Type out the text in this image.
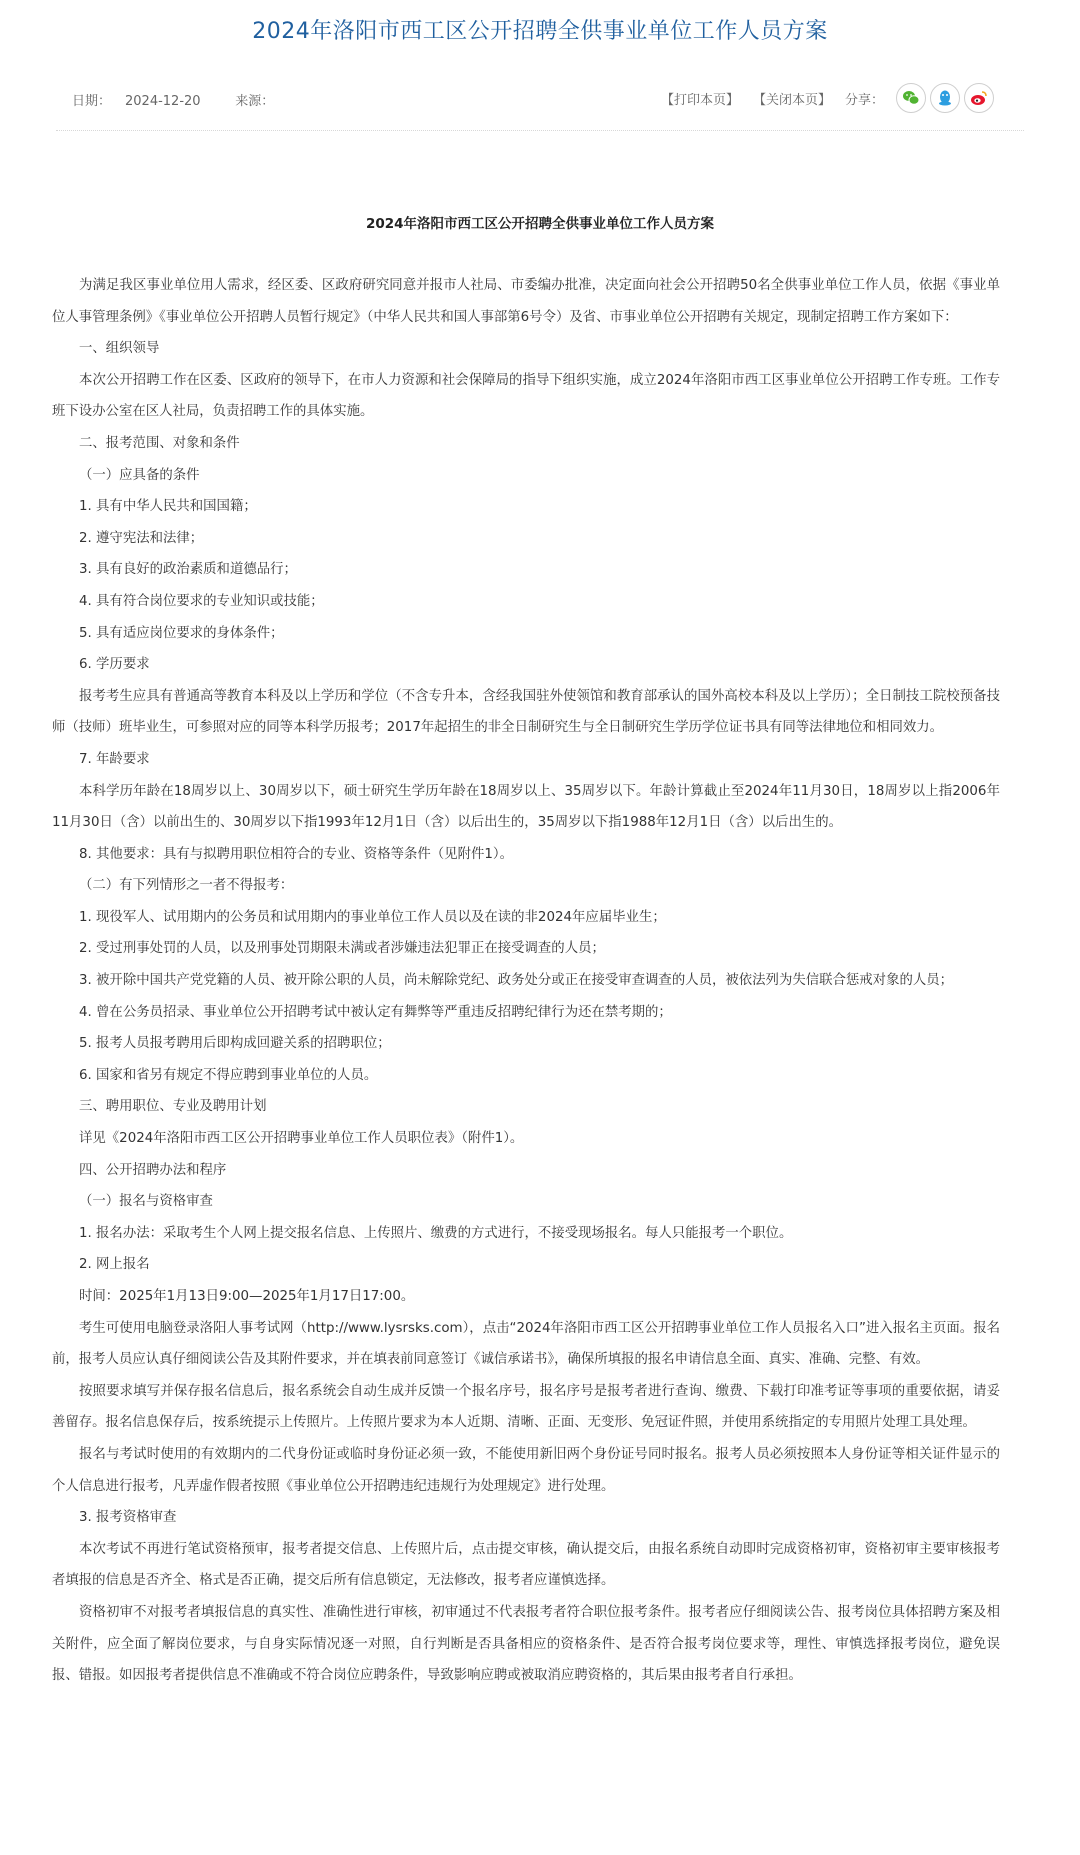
2024年洛阳市西工区公开招聘全供事业单位工作人员方案
日期： 2024-12-20	来源：	【打印本页】 【关闭本页】 分享：
2024年洛阳市西工区公开招聘全供事业单位工作人员方案

为满足我区事业单位用人需求，经区委、区政府研究同意并报市人社局、市委编办批准，决定面向社会公开招聘50名全供事业单位工作人员，依据《事业单位人事管理条例》《事业单位公开招聘人员暂行规定》（中华人民共和国人事部第6号令）及省、市事业单位公开招聘有关规定，现制定招聘工作方案如下：

一、组织领导

本次公开招聘工作在区委、区政府的领导下，在市人力资源和社会保障局的指导下组织实施，成立2024年洛阳市西工区事业单位公开招聘工作专班。工作专班下设办公室在区人社局，负责招聘工作的具体实施。

二、报考范围、对象和条件

（一）应具备的条件

1. 具有中华人民共和国国籍；

2. 遵守宪法和法律；

3. 具有良好的政治素质和道德品行；

4. 具有符合岗位要求的专业知识或技能；

5. 具有适应岗位要求的身体条件；

6. 学历要求

报考考生应具有普通高等教育本科及以上学历和学位（不含专升本，含经我国驻外使领馆和教育部承认的国外高校本科及以上学历）；全日制技工院校预备技师（技师）班毕业生，可参照对应的同等本科学历报考；2017年起招生的非全日制研究生与全日制研究生学历学位证书具有同等法律地位和相同效力。

7. 年龄要求

本科学历年龄在18周岁以上、30周岁以下，硕士研究生学历年龄在18周岁以上、35周岁以下。年龄计算截止至2024年11月30日，18周岁以上指2006年11月30日（含）以前出生的、30周岁以下指1993年12月1日（含）以后出生的，35周岁以下指1988年12月1日（含）以后出生的。

8. 其他要求：具有与拟聘用职位相符合的专业、资格等条件（见附件1）。

（二）有下列情形之一者不得报考：

1. 现役军人、试用期内的公务员和试用期内的事业单位工作人员以及在读的非2024年应届毕业生；

2. 受过刑事处罚的人员，以及刑事处罚期限未满或者涉嫌违法犯罪正在接受调查的人员；

3. 被开除中国共产党党籍的人员、被开除公职的人员，尚未解除党纪、政务处分或正在接受审查调查的人员，被依法列为失信联合惩戒对象的人员；

4. 曾在公务员招录、事业单位公开招聘考试中被认定有舞弊等严重违反招聘纪律行为还在禁考期的；

5. 报考人员报考聘用后即构成回避关系的招聘职位；

6. 国家和省另有规定不得应聘到事业单位的人员。

三、聘用职位、专业及聘用计划

详见《2024年洛阳市西工区公开招聘事业单位工作人员职位表》（附件1）。

四、公开招聘办法和程序

（一）报名与资格审查

1. 报名办法：采取考生个人网上提交报名信息、上传照片、缴费的方式进行，不接受现场报名。每人只能报考一个职位。

2. 网上报名

时间：2025年1月13日9:00—2025年1月17日17:00。

考生可使用电脑登录洛阳人事考试网（http://www.lysrsks.com），点击“2024年洛阳市西工区公开招聘事业单位工作人员报名入口”进入报名主页面。报名前，报考人员应认真仔细阅读公告及其附件要求，并在填表前同意签订《诚信承诺书》，确保所填报的报名申请信息全面、真实、准确、完整、有效。

按照要求填写并保存报名信息后，报名系统会自动生成并反馈一个报名序号，报名序号是报考者进行查询、缴费、下载打印准考证等事项的重要依据，请妥善留存。报名信息保存后，按系统提示上传照片。上传照片要求为本人近期、清晰、正面、无变形、免冠证件照，并使用系统指定的专用照片处理工具处理。

报名与考试时使用的有效期内的二代身份证或临时身份证必须一致，不能使用新旧两个身份证号同时报名。报考人员必须按照本人身份证等相关证件显示的个人信息进行报考，凡弄虚作假者按照《事业单位公开招聘违纪违规行为处理规定》进行处理。

3. 报考资格审查

本次考试不再进行笔试资格预审，报考者提交信息、上传照片后，点击提交审核，确认提交后，由报名系统自动即时完成资格初审，资格初审主要审核报考者填报的信息是否齐全、格式是否正确，提交后所有信息锁定，无法修改，报考者应谨慎选择。

资格初审不对报考者填报信息的真实性、准确性进行审核，初审通过不代表报考者符合职位报考条件。报考者应仔细阅读公告、报考岗位具体招聘方案及相关附件，应全面了解岗位要求，与自身实际情况逐一对照，自行判断是否具备相应的资格条件、是否符合报考岗位要求等，理性、审慎选择报考岗位，避免误报、错报。如因报考者提供信息不准确或不符合岗位应聘条件，导致影响应聘或被取消应聘资格的，其后果由报考者自行承担。
